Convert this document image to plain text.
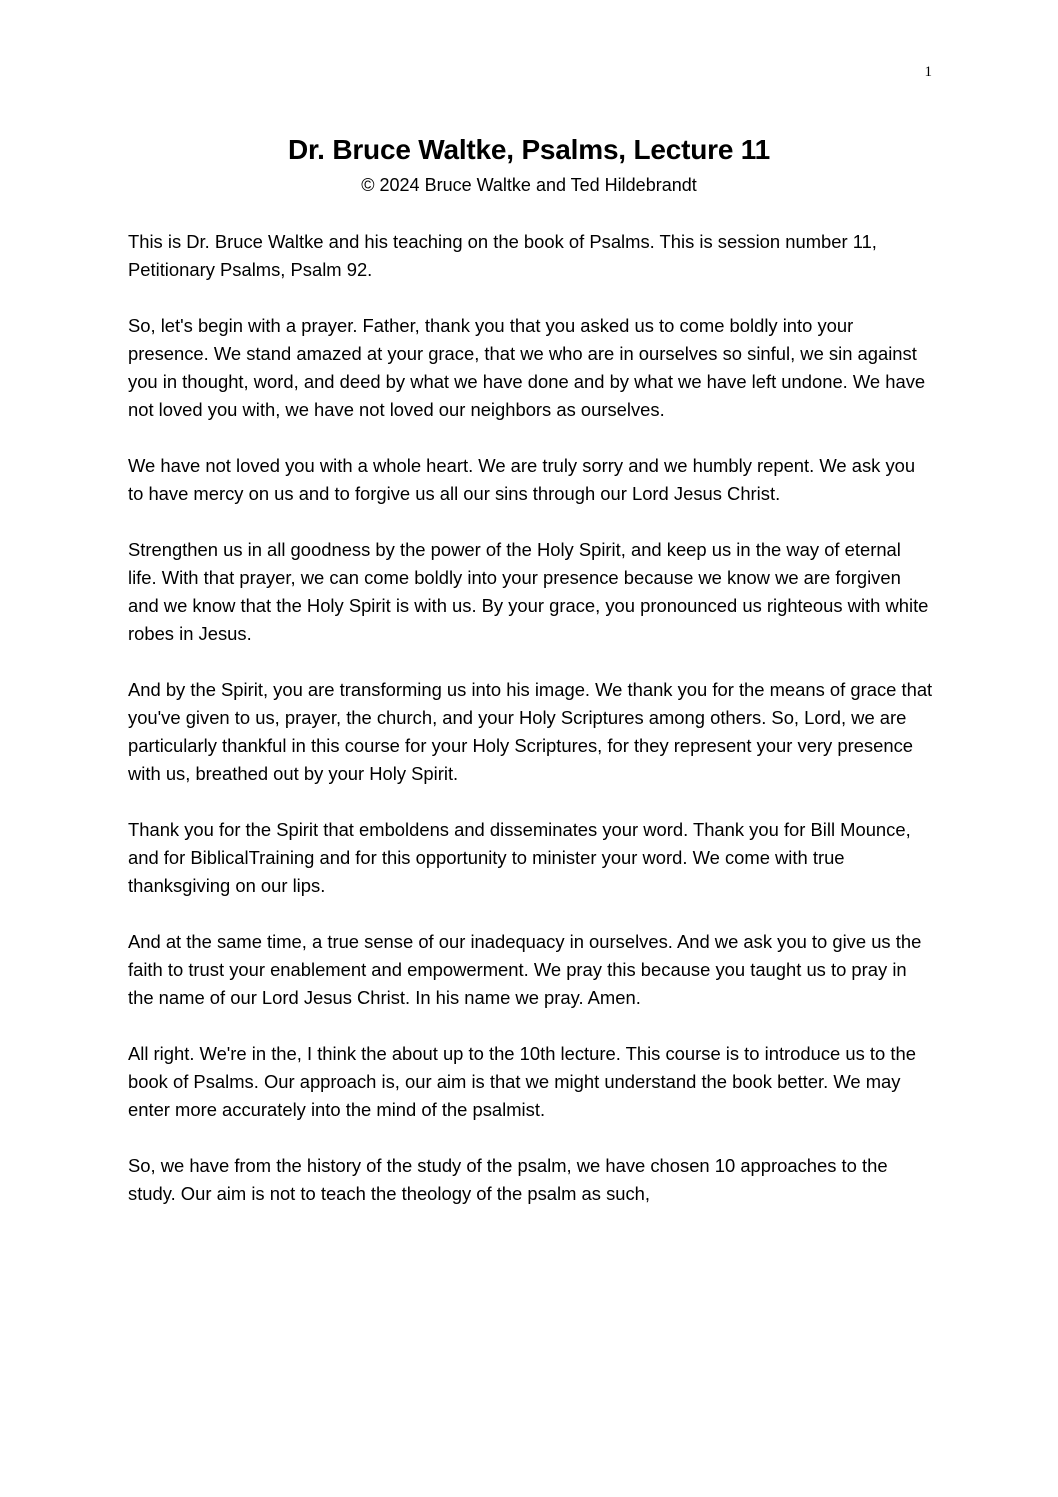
1
Dr. Bruce Waltke, Psalms, Lecture 11
© 2024 Bruce Waltke and Ted Hildebrandt

This is Dr. Bruce Waltke and his teaching on the book of Psalms. This is session number 11, Petitionary Psalms, Psalm 92.

So, let's begin with a prayer. Father, thank you that you asked us to come boldly into your presence. We stand amazed at your grace, that we who are in ourselves so sinful, we sin against you in thought, word, and deed by what we have done and by what we have left undone. We have not loved you with, we have not loved our neighbors as ourselves.

We have not loved you with a whole heart. We are truly sorry and we humbly repent. We ask you to have mercy on us and to forgive us all our sins through our Lord Jesus Christ.

Strengthen us in all goodness by the power of the Holy Spirit, and keep us in the way of eternal life. With that prayer, we can come boldly into your presence because we know we are forgiven and we know that the Holy Spirit is with us. By your grace, you pronounced us righteous with white robes in Jesus.

And by the Spirit, you are transforming us into his image. We thank you for the means of grace that you've given to us, prayer, the church, and your Holy Scriptures among others. So, Lord, we are particularly thankful in this course for your Holy Scriptures, for they represent your very presence with us, breathed out by your Holy Spirit.

Thank you for the Spirit that emboldens and disseminates your word. Thank you for Bill Mounce, and for BiblicalTraining and for this opportunity to minister your word. We come with true thanksgiving on our lips.

And at the same time, a true sense of our inadequacy in ourselves. And we ask you to give us the faith to trust your enablement and empowerment. We pray this because you taught us to pray in the name of our Lord Jesus Christ. In his name we pray. Amen.

All right. We're in the, I think the about up to the 10th lecture. This course is to introduce us to the book of Psalms. Our approach is, our aim is that we might understand the book better. We may enter more accurately into the mind of the psalmist.

So, we have from the history of the study of the psalm, we have chosen 10 approaches to the study. Our aim is not to teach the theology of the psalm as such,
